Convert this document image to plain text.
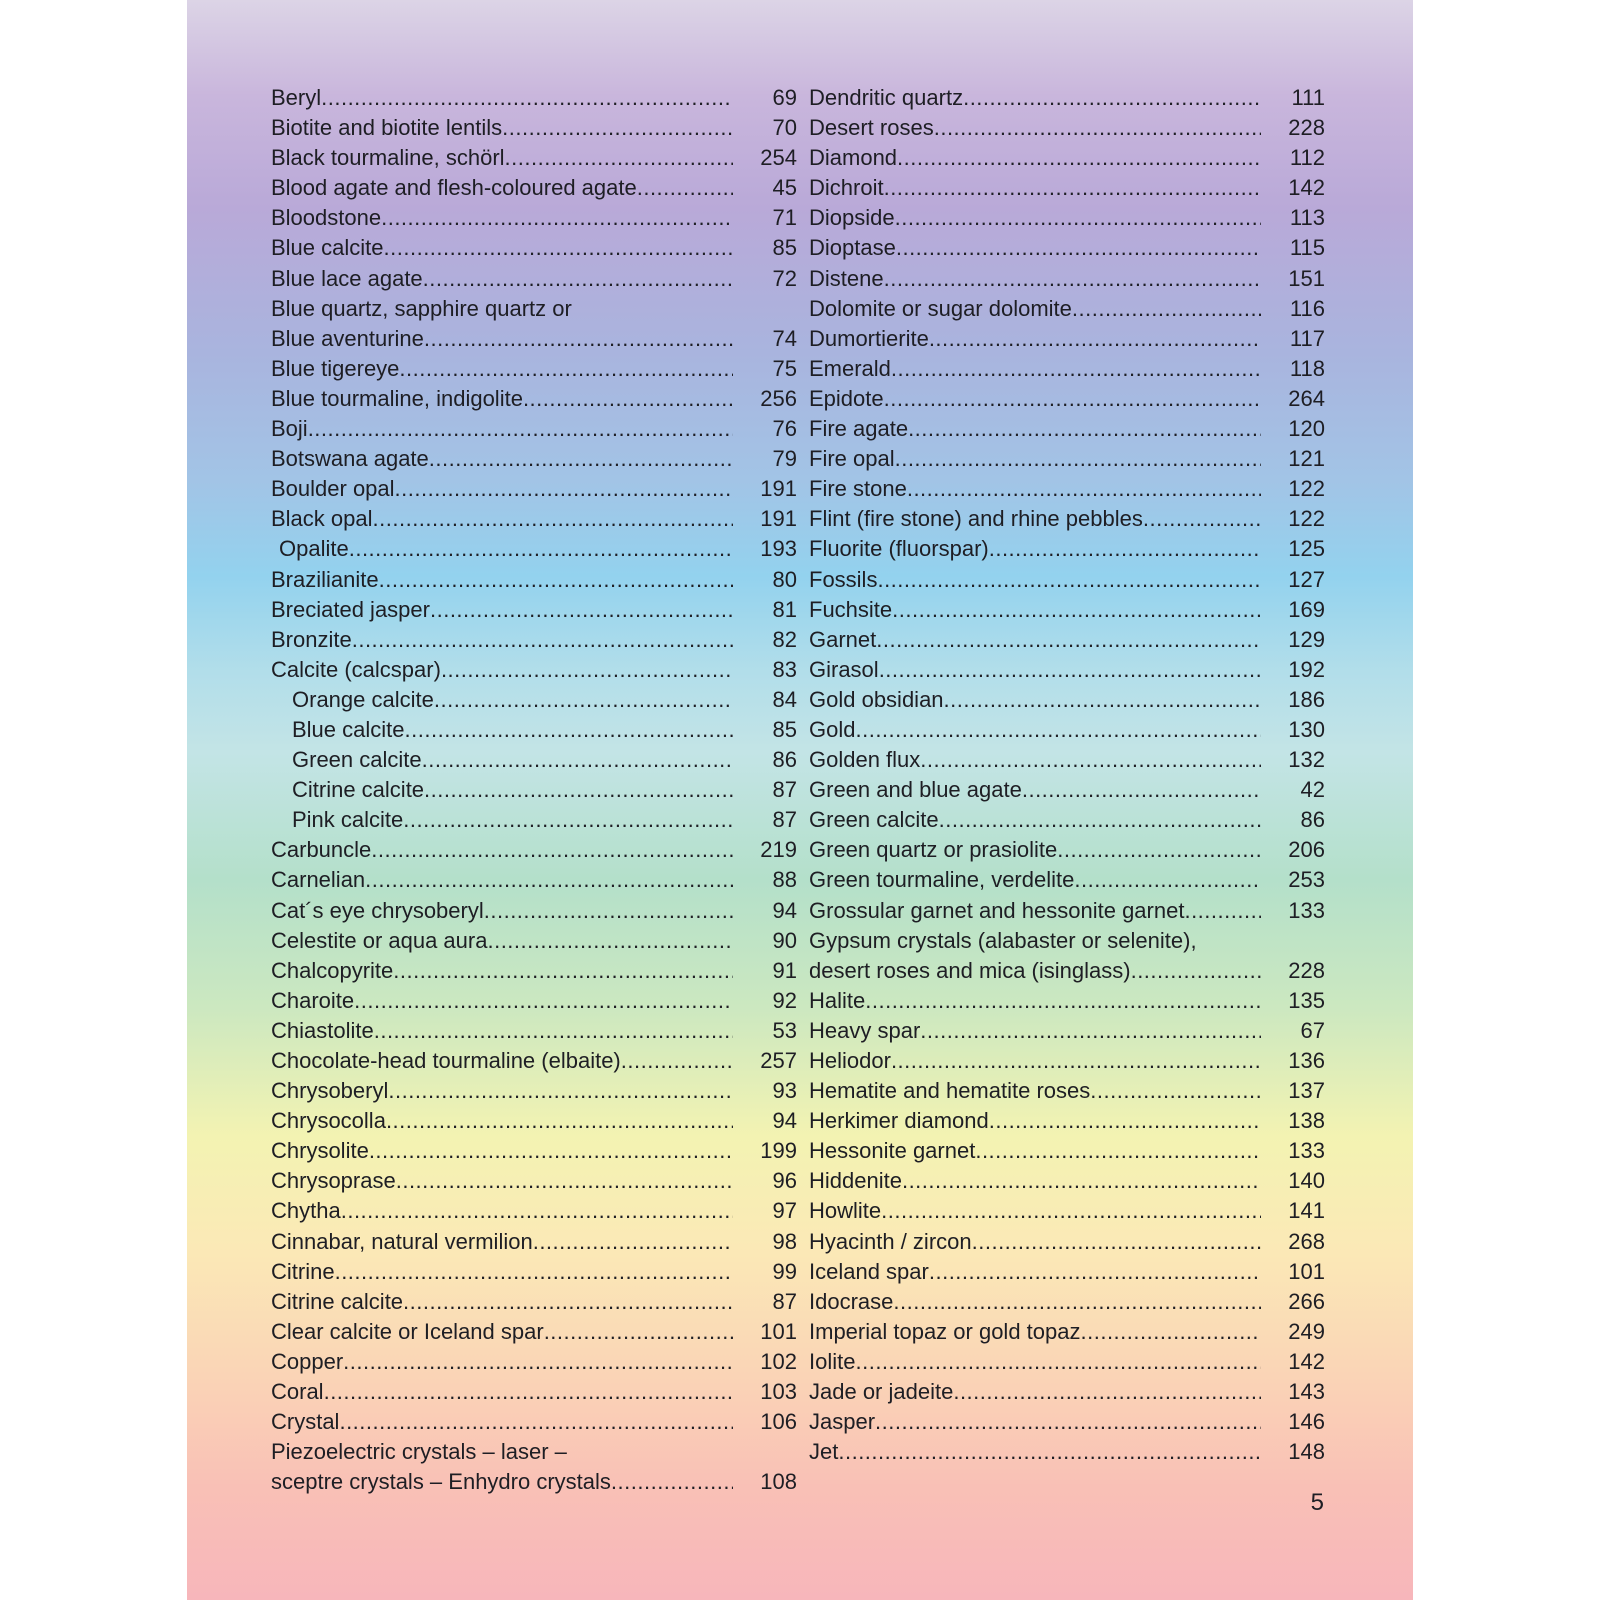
Beryl .....	69
Biotite and biotite lentils .....	70
Black tourmaline, schörl .....	254
Blood agate and flesh-coloured agate .....	45
Bloodstone .....	71
Blue calcite .....	85
Blue lace agate .....	72
Blue quartz, sapphire quartz or
Blue aventurine .....	74
Blue tigereye .....	75
Blue tourmaline, indigolite .....	256
Boji .....	76
Botswana agate .....	79
Boulder opal .....	191
Black opal .....	191
Opalite .....	193
Brazilianite .....	80
Breciated jasper .....	81
Bronzite .....	82
Calcite (calcspar) .....	83
Orange calcite .....	84
Blue calcite .....	85
Green calcite .....	86
Citrine calcite .....	87
Pink calcite .....	87
Carbuncle .....	219
Carnelian .....	88
Cat´s eye chrysoberyl .....	94
Celestite or aqua aura .....	90
Chalcopyrite .....	91
Charoite .....	92
Chiastolite .....	53
Chocolate-head tourmaline (elbaite) .....	257
Chrysoberyl .....	93
Chrysocolla .....	94
Chrysolite .....	199
Chrysoprase .....	96
Chytha .....	97
Cinnabar, natural vermilion .....	98
Citrine .....	99
Citrine calcite .....	87
Clear calcite or Iceland spar .....	101
Copper .....	102
Coral .....	103
Crystal .....	106
Piezoelectric crystals – laser –
sceptre crystals – Enhydro crystals .....	108
Dendritic quartz .....	111
Desert roses .....	228
Diamond .....	112
Dichroit .....	142
Diopside .....	113
Dioptase .....	115
Distene .....	151
Dolomite or sugar dolomite .....	116
Dumortierite .....	117
Emerald .....	118
Epidote .....	264
Fire agate .....	120
Fire opal .....	121
Fire stone .....	122
Flint (fire stone) and rhine pebbles .....	122
Fluorite (fluorspar) .....	125
Fossils .....	127
Fuchsite .....	169
Garnet .....	129
Girasol .....	192
Gold obsidian .....	186
Gold .....	130
Golden flux .....	132
Green and blue agate .....	42
Green calcite .....	86
Green quartz or prasiolite .....	206
Green tourmaline, verdelite .....	253
Grossular garnet and hessonite garnet .....	133
Gypsum crystals (alabaster or selenite),
desert roses and mica (isinglass) .....	228
Halite .....	135
Heavy spar .....	67
Heliodor .....	136
Hematite and hematite roses .....	137
Herkimer diamond .....	138
Hessonite garnet .....	133
Hiddenite .....	140
Howlite .....	141
Hyacinth / zircon .....	268
Iceland spar .....	101
Idocrase .....	266
Imperial topaz or gold topaz .....	249
Iolite .....	142
Jade or jadeite .....	143
Jasper .....	146
Jet .....	148
5
